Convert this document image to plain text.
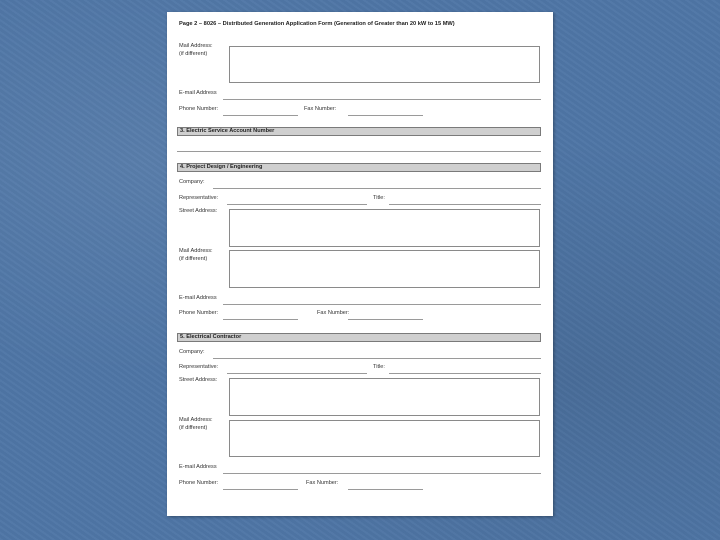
Page 2 – 8026 – Distributed Generation Application Form (Generation of Greater than 20 kW to 15 MW)
Mail Address:
(if different)
E-mail Address
Phone Number:	Fax Number:
3. Electric Service Account Number
4. Project Design / Engineering
Company:
Representative:	Title:
Street Address:
Mail Address:
(if different)
E-mail Address
Phone Number:	Fax Number:
5. Electrical Contractor
Company:
Representative:	Title:
Street Address:
Mail Address:
(if different)
E-mail Address
Phone Number:	Fax Number:
